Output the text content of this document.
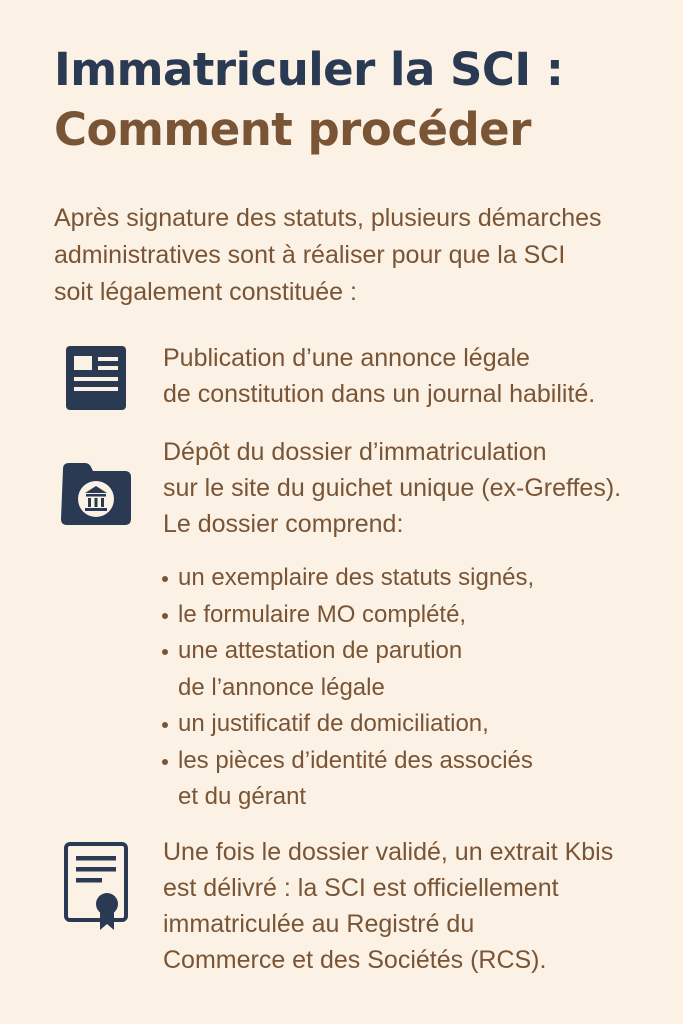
Immatriculer la SCI :
Comment procéder
Après signature des statuts, plusieurs démarches
administratives sont à réaliser pour que la SCI
soit légalement constituée :
Publication d’une annonce légale
de constitution dans un journal habilité.
Dépôt du dossier d’immatriculation
sur le site du guichet unique (ex-Greffes).
Le dossier comprend:
un exemplaire des statuts signés,
le formulaire MO complété,
une attestation de parution
de l’annonce légale
un justificatif de domiciliation,
les pièces d’identité des associés
et du gérant
Une fois le dossier validé, un extrait Kbis
est délivré : la SCI est officiellement
immatriculée au Registré du
Commerce et des Sociétés (RCS).
